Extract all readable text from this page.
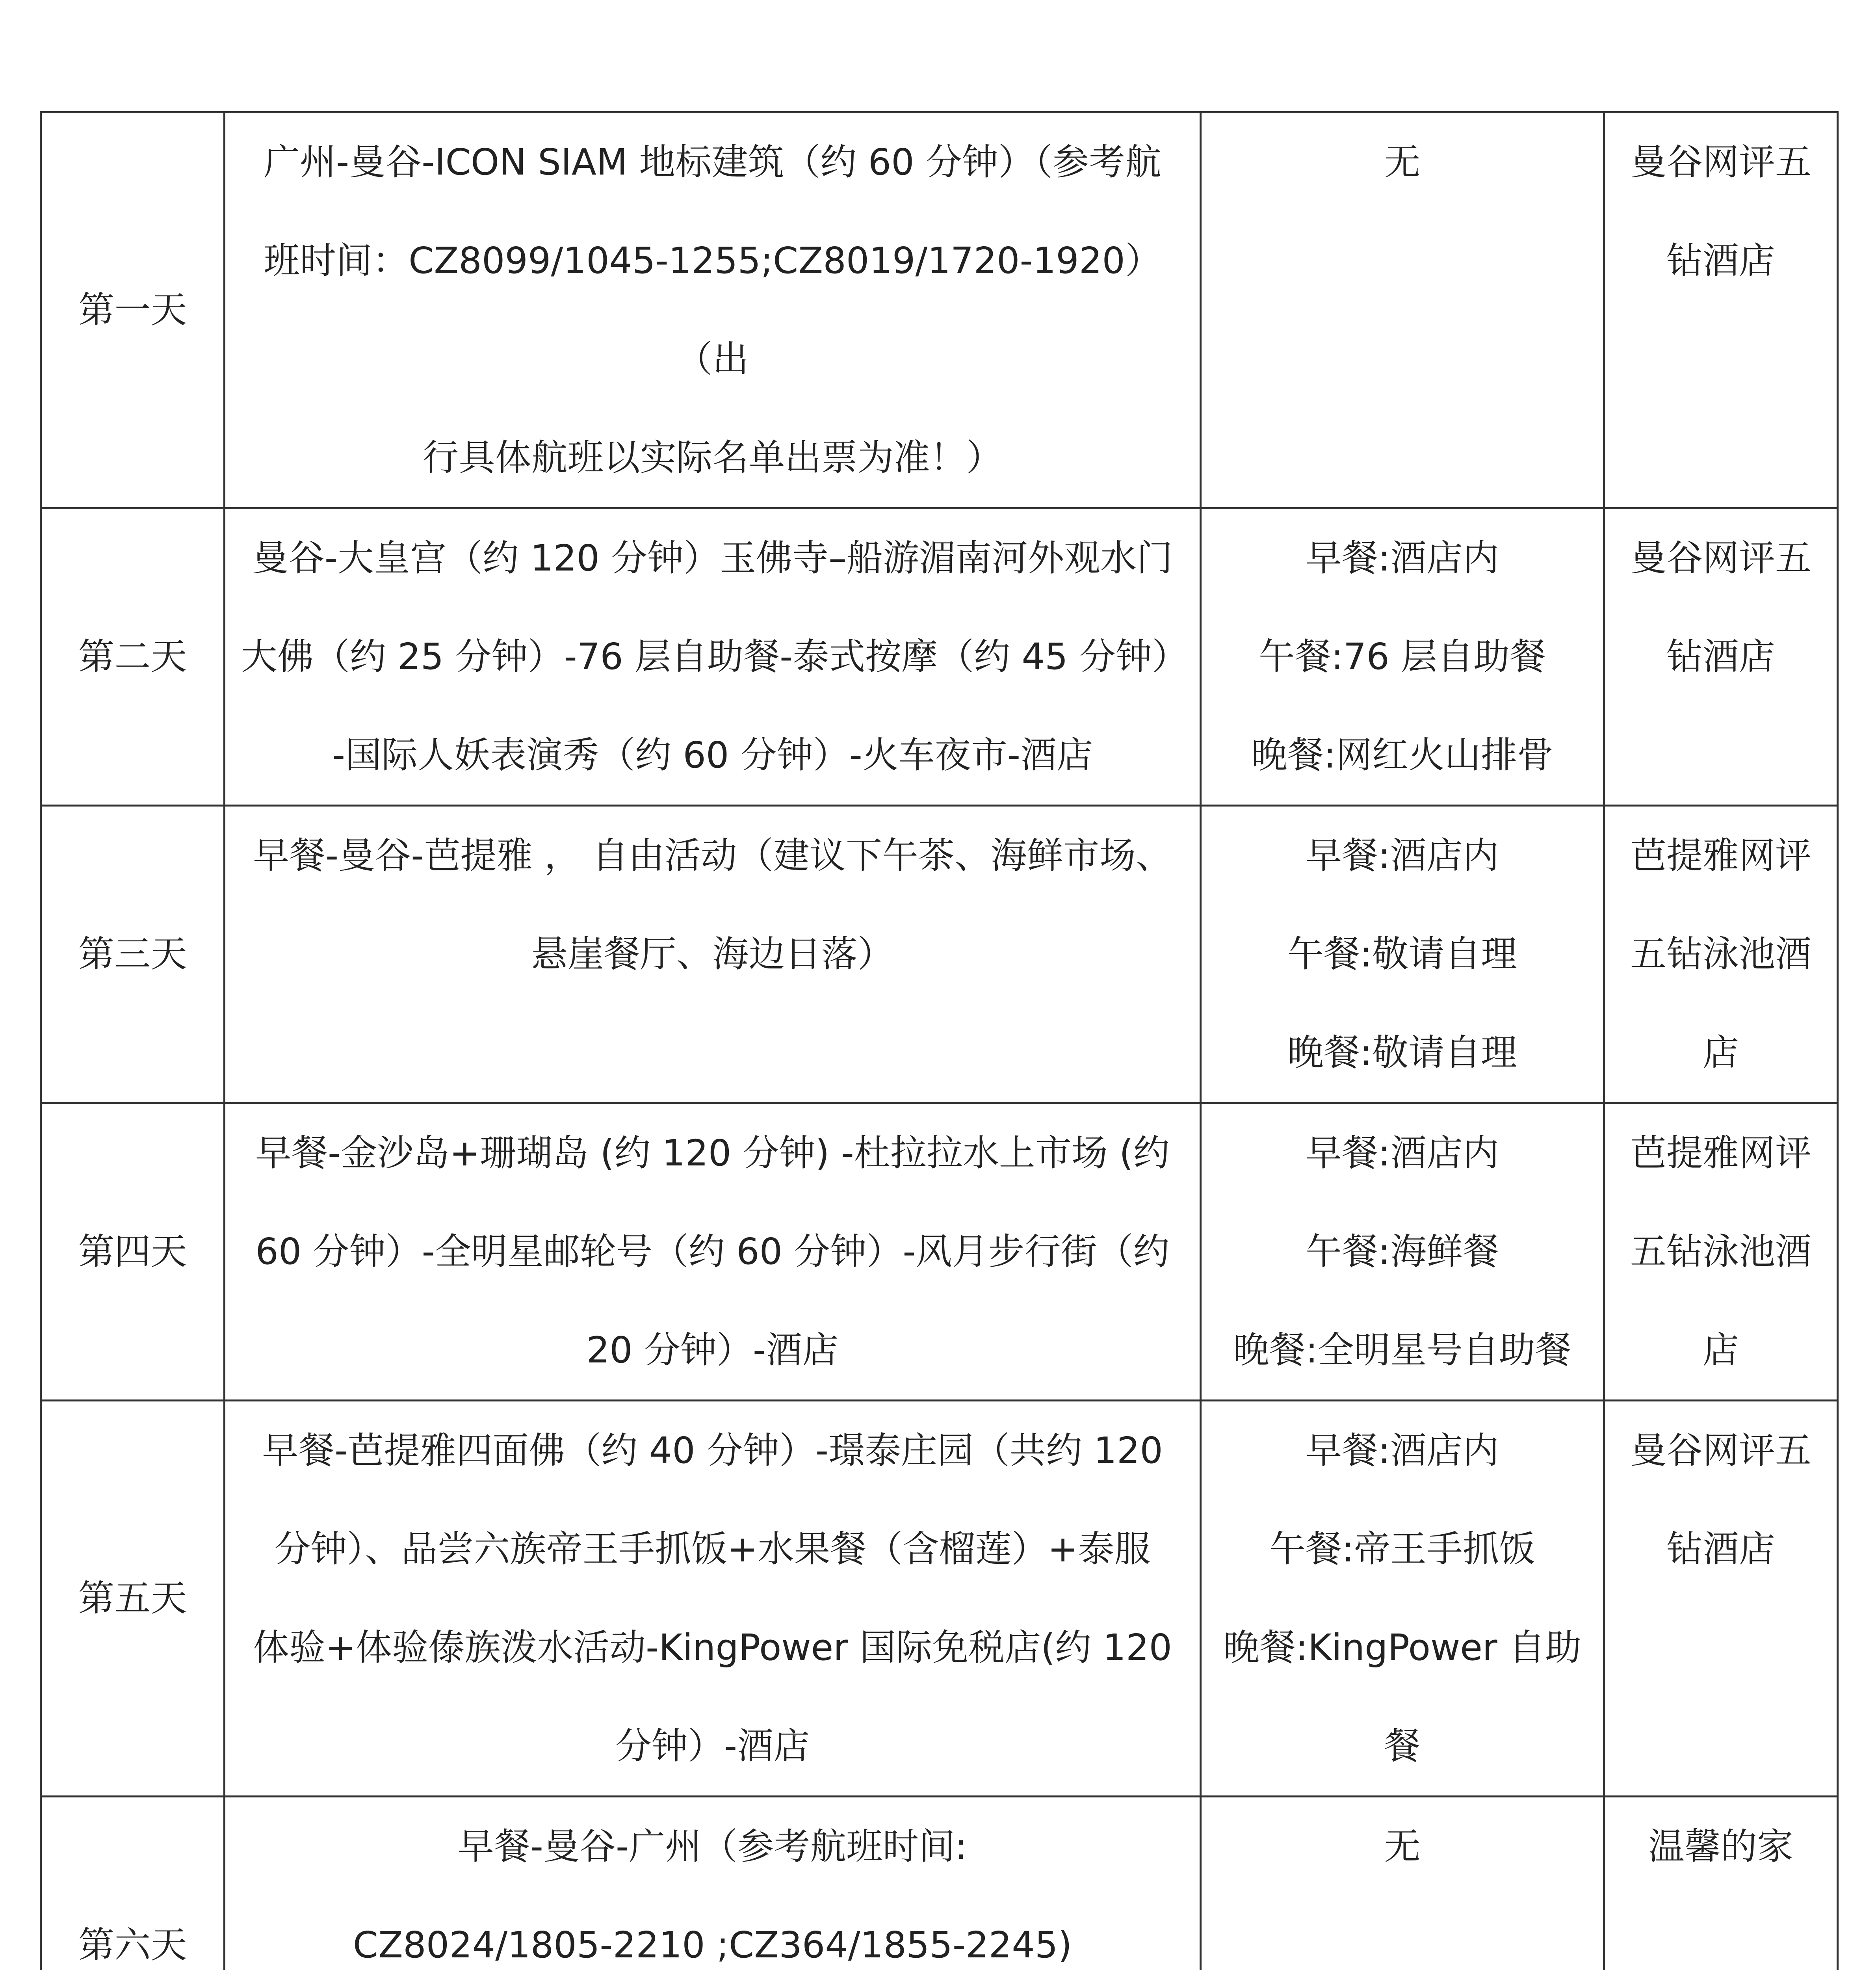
第一天	广州-曼谷-ICON SIAM 地标建筑（约 60 分钟）（参考航
班时间：CZ8099/1045-1255;CZ8019/1720-1920）（出
行具体航班以实际名单出票为准！）	无	曼谷网评五
钻酒店

第二天	曼谷-大皇宫（约 120 分钟）玉佛寺–船游湄南河外观水门
大佛（约 25 分钟）-76 层自助餐-泰式按摩（约 45 分钟）
-国际人妖表演秀（约 60 分钟）-火车夜市-酒店	早餐:酒店内
午餐:76 层自助餐
晚餐:网红火山排骨	曼谷网评五
钻酒店

第三天	早餐-曼谷-芭提雅 ， 自由活动（建议下午茶、海鲜市场、
悬崖餐厅、海边日落）	早餐:酒店内
午餐:敬请自理
晚餐:敬请自理	芭提雅网评
五钻泳池酒
店

第四天	早餐-金沙岛+珊瑚岛 (约 120 分钟) -杜拉拉水上市场 (约
60 分钟）-全明星邮轮号（约 60 分钟）-风月步行街（约
20 分钟）-酒店	早餐:酒店内
午餐:海鲜餐
晚餐:全明星号自助餐	芭提雅网评
五钻泳池酒
店

第五天	早餐-芭提雅四面佛（约 40 分钟）-璟泰庄园（共约 120
分钟）、品尝六族帝王手抓饭+水果餐（含榴莲）+泰服
体验+体验傣族泼水活动-KingPower 国际免税店(约 120
分钟）-酒店	早餐:酒店内
午餐:帝王手抓饭
晚餐:KingPower 自助
餐	曼谷网评五
钻酒店

第六天	早餐-曼谷-广州（参考航班时间:
CZ8024/1805-2210 ;CZ364/1855-2245)	无	温馨的家
